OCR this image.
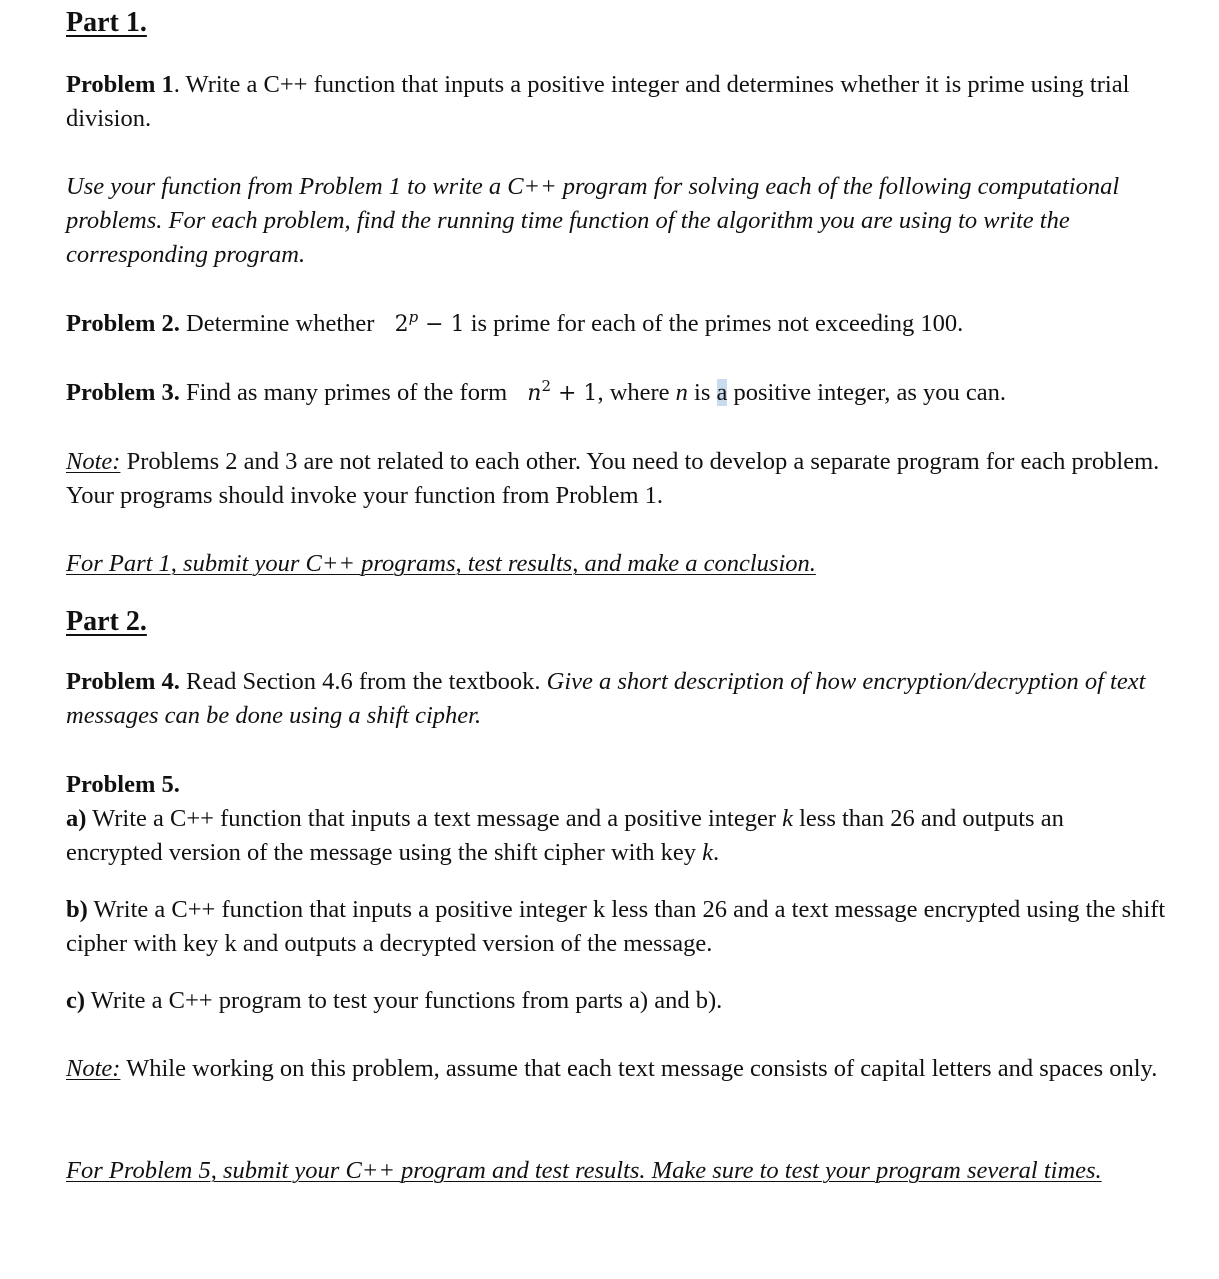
Part 1.

Problem 1. Write a C++ function that inputs a positive integer and determines whether it is prime using trial division.

Use your function from Problem 1 to write a C++ program for solving each of the following computational problems. For each problem, find the running time function of the algorithm you are using to write the corresponding program.

Problem 2. Determine whether $2^p - 1$ is prime for each of the primes not exceeding 100.

Problem 3. Find as many primes of the form $n^2 + 1$, where n is a positive integer, as you can.

Note: Problems 2 and 3 are not related to each other. You need to develop a separate program for each problem. Your programs should invoke your function from Problem 1.

For Part 1, submit your C++ programs, test results, and make a conclusion.

Part 2.

Problem 4. Read Section 4.6 from the textbook. Give a short description of how encryption/decryption of text messages can be done using a shift cipher.

Problem 5.

a) Write a C++ function that inputs a text message and a positive integer k less than 26 and outputs an encrypted version of the message using the shift cipher with key k.

b) Write a C++ function that inputs a positive integer k less than 26 and a text message encrypted using the shift cipher with key k and outputs a decrypted version of the message.

c) Write a C++ program to test your functions from parts a) and b).

Note: While working on this problem, assume that each text message consists of capital letters and spaces only.

For Problem 5, submit your C++ program and test results. Make sure to test your program several times.
